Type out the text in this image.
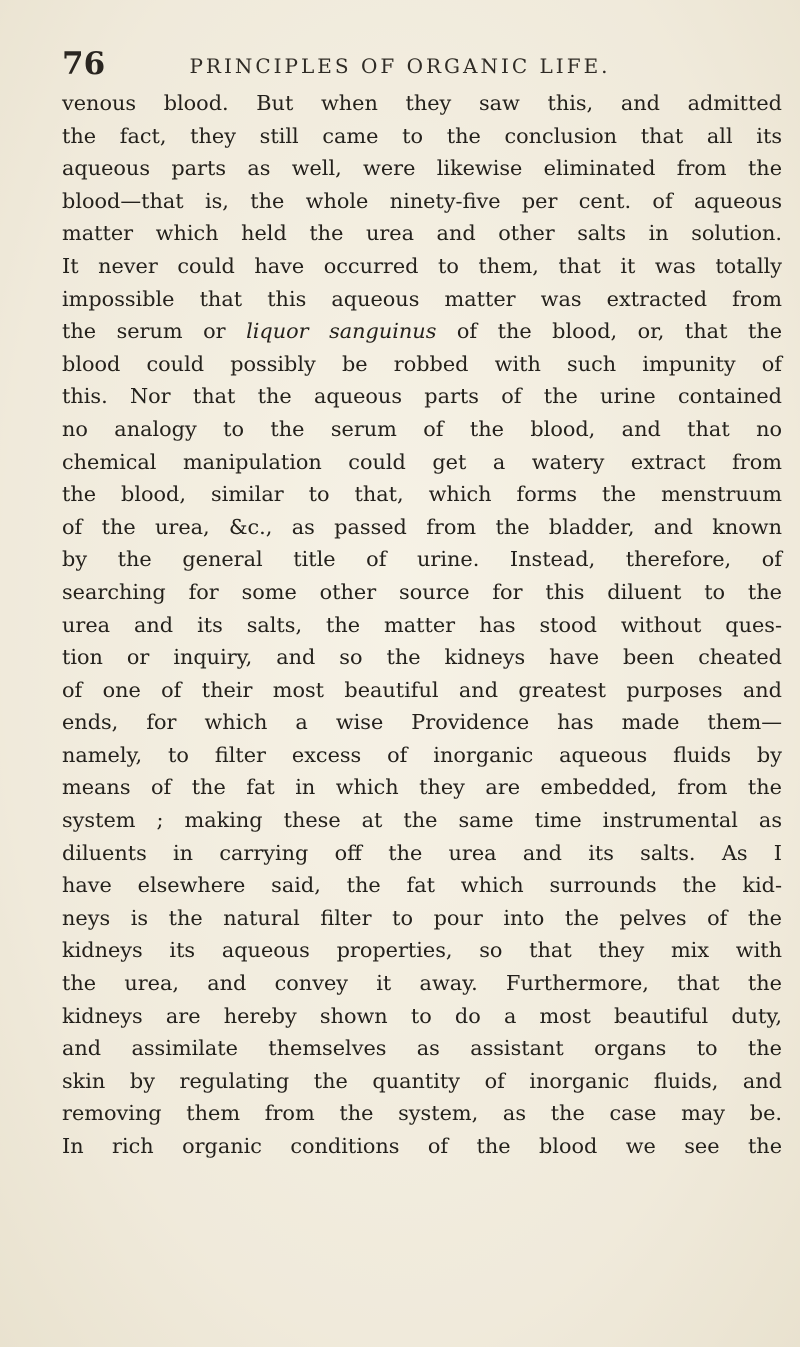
76	PRINCIPLES OF ORGANIC LIFE.
venous blood. But when they saw this, and admitted
the fact, they still came to the conclusion that all its
aqueous parts as well, were likewise eliminated from the
blood—that is, the whole ninety-five per cent. of aqueous
matter which held the urea and other salts in solution.
It never could have occurred to them, that it was totally
impossible that this aqueous matter was extracted from
the serum or liquor sanguinus of the blood, or, that the
blood could possibly be robbed with such impunity of
this. Nor that the aqueous parts of the urine contained
no analogy to the serum of the blood, and that no
chemical manipulation could get a watery extract from
the blood, similar to that, which forms the menstruum
of the urea, &c., as passed from the bladder, and known
by the general title of urine. Instead, therefore, of
searching for some other source for this diluent to the
urea and its salts, the matter has stood without ques-
tion or inquiry, and so the kidneys have been cheated
of one of their most beautiful and greatest purposes and
ends, for which a wise Providence has made them—
namely, to filter excess of inorganic aqueous fluids by
means of the fat in which they are embedded, from the
system ; making these at the same time instrumental as
diluents in carrying off the urea and its salts. As I
have elsewhere said, the fat which surrounds the kid-
neys is the natural filter to pour into the pelves of the
kidneys its aqueous properties, so that they mix with
the urea, and convey it away. Furthermore, that the
kidneys are hereby shown to do a most beautiful duty,
and assimilate themselves as assistant organs to the
skin by regulating the quantity of inorganic fluids, and
removing them from the system, as the case may be.
In rich organic conditions of the blood we see the
